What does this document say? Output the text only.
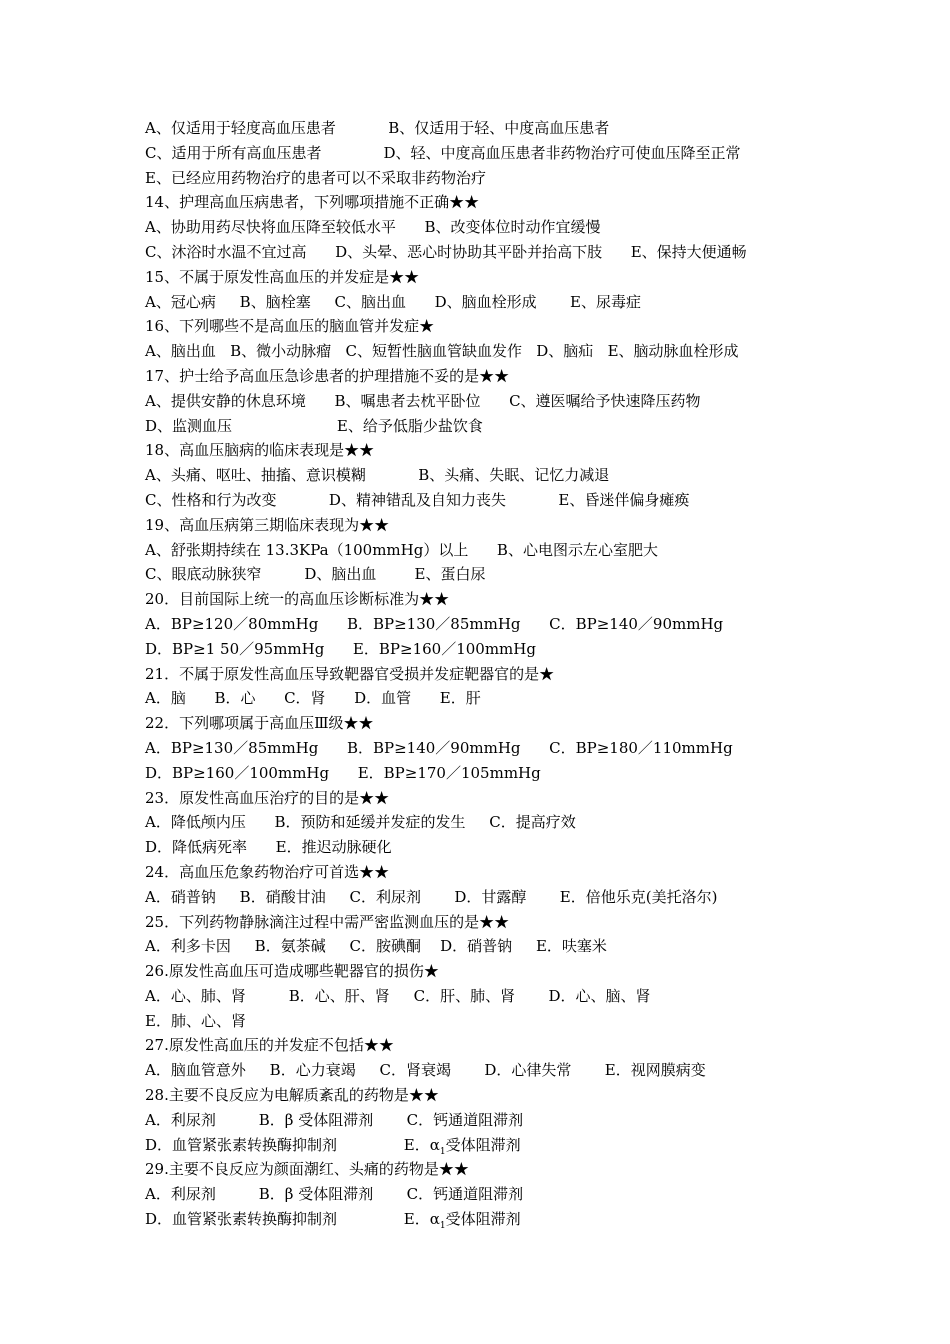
A、仅适用于轻度高血压患者           B、仅适用于轻、中度高血压患者
C、适用于所有高血压患者             D、轻、中度高血压患者非药物治疗可使血压降至正常
E、已经应用药物治疗的患者可以不采取非药物治疗
14、护理高血压病患者，下列哪项措施不正确★★
A、协助用药尽快将血压降至较低水平      B、改变体位时动作宜缓慢
C、沐浴时水温不宜过高      D、头晕、恶心时协助其平卧并抬高下肢      E、保持大便通畅
15、不属于原发性高血压的并发症是★★
A、冠心病     B、脑栓塞     C、脑出血      D、脑血栓形成       E、尿毒症
16、下列哪些不是高血压的脑血管并发症★
A、脑出血   B、微小动脉瘤   C、短暂性脑血管缺血发作   D、脑疝   E、脑动脉血栓形成
17、护士给予高血压急诊患者的护理措施不妥的是★★
A、提供安静的休息环境      B、嘱患者去枕平卧位      C、遵医嘱给予快速降压药物
D、监测血压                      E、给予低脂少盐饮食
18、高血压脑病的临床表现是★★
A、头痛、呕吐、抽搐、意识模糊           B、头痛、失眠、记忆力减退
C、性格和行为改变           D、精神错乱及自知力丧失           E、昏迷伴偏身瘫痪
19、高血压病第三期临床表现为★★
A、舒张期持续在 13.3KPa（100mmHg）以上      B、心电图示左心室肥大
C、眼底动脉狭窄         D、脑出血        E、蛋白尿
20．目前国际上统一的高血压诊断标准为★★
A．BP≥120／80mmHg      B．BP≥130／85mmHg      C．BP≥140／90mmHg
D．BP≥1 50／95mmHg      E．BP≥160／100mmHg
21．不属于原发性高血压导致靶器官受损并发症靶器官的是★
A．脑      B．心      C．肾      D．血管      E．肝
22．下列哪项属于高血压Ⅲ级★★
A．BP≥130／85mmHg      B．BP≥140／90mmHg      C．BP≥180／110mmHg
D．BP≥160／100mmHg      E．BP≥170／105mmHg
23．原发性高血压治疗的目的是★★
A．降低颅内压      B．预防和延缓并发症的发生     C．提高疗效
D．降低病死率      E．推迟动脉硬化
24．高血压危象药物治疗可首选★★
A．硝普钠     B．硝酸甘油     C．利尿剂       D．甘露醇       E．倍他乐克(美托洛尔)
25．下列药物静脉滴注过程中需严密监测血压的是★★
A．利多卡因     B．氨茶碱     C．胺碘酮    D．硝普钠     E．呋塞米
26.原发性高血压可造成哪些靶器官的损伤★
A．心、肺、肾         B．心、肝、肾     C．肝、肺、肾       D．心、脑、肾
E．肺、心、肾
27.原发性高血压的并发症不包括★★
A．脑血管意外     B．心力衰竭     C．肾衰竭       D．心律失常       E．视网膜病变
28.主要不良反应为电解质紊乱的药物是★★
A．利尿剂         B．β 受体阻滞剂       C．钙通道阻滞剂
D．血管紧张素转换酶抑制剂              E．$\alpha_1$受体阻滞剂
29.主要不良反应为颜面潮红、头痛的药物是★★
A．利尿剂         B．β 受体阻滞剂       C．钙通道阻滞剂
D．血管紧张素转换酶抑制剂              E．$\alpha_1$受体阻滞剂
